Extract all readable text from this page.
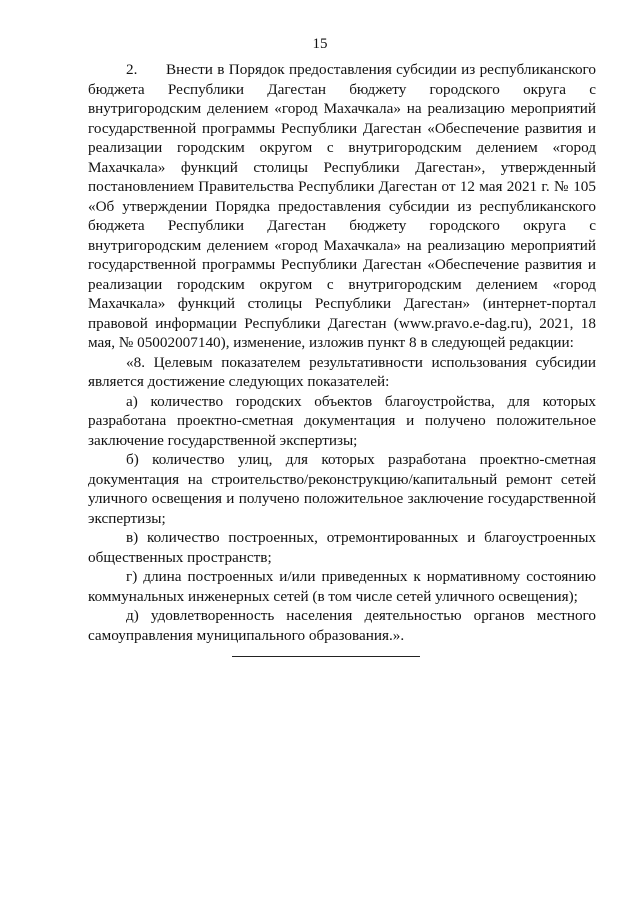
15

2. Внести в Порядок предоставления субсидии из республиканского бюджета Республики Дагестан бюджету городского округа с внутригородским делением «город Махачкала» на реализацию мероприятий государственной программы Республики Дагестан «Обеспечение развития и реализации городским округом с внутригородским делением «город Махачкала» функций столицы Республики Дагестан», утвержденный постановлением Правительства Республики Дагестан от 12 мая 2021 г. № 105 «Об утверждении Порядка предоставления субсидии из республиканского бюджета Республики Дагестан бюджету городского округа с внутригородским делением «город Махачкала» на реализацию мероприятий государственной программы Республики Дагестан «Обеспечение развития и реализации городским округом с внутригородским делением «город Махачкала» функций столицы Республики Дагестан» (интернет-портал правовой информации Республики Дагестан (www.pravo.e-dag.ru), 2021, 18 мая, № 05002007140), изменение, изложив пункт 8 в следующей редакции:

«8. Целевым показателем результативности использования субсидии является достижение следующих показателей:

а) количество городских объектов благоустройства, для которых разработана проектно-сметная документация и получено положительное заключение государственной экспертизы;

б) количество улиц, для которых разработана проектно-сметная документация на строительство/реконструкцию/капитальный ремонт сетей уличного освещения и получено положительное заключение государственной экспертизы;

в) количество построенных, отремонтированных и благоустроенных общественных пространств;

г) длина построенных и/или приведенных к нормативному состоянию коммунальных инженерных сетей (в том числе сетей уличного освещения);

д) удовлетворенность населения деятельностью органов местного самоуправления муниципального образования.».
